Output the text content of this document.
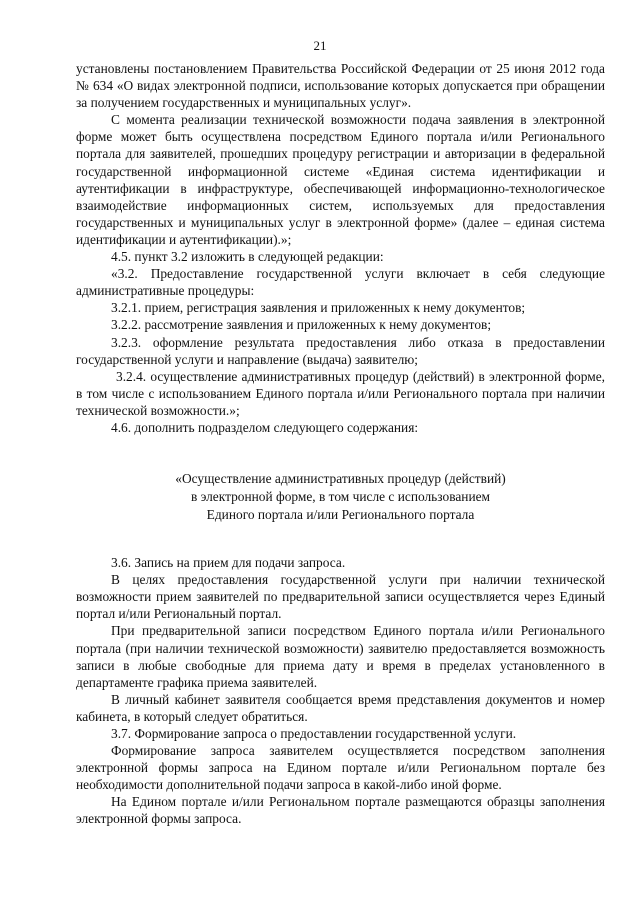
21

установлены постановлением Правительства Российской Федерации от 25 июня 2012 года № 634 «О видах электронной подписи, использование которых допускается при обращении за получением государственных и муниципальных услуг».

С момента реализации технической возможности подача заявления в электронной форме может быть осуществлена посредством Единого портала и/или Регионального портала для заявителей, прошедших процедуру регистрации и авторизации в федеральной государственной информационной системе «Единая система идентификации и аутентификации в инфраструктуре, обеспечивающей информационно-технологическое взаимодействие информационных систем, используемых для предоставления государственных и муниципальных услуг в электронной форме» (далее – единая система идентификации и аутентификации).»;

4.5. пункт 3.2 изложить в следующей редакции:

«3.2. Предоставление государственной услуги включает в себя следующие административные процедуры:

3.2.1. прием, регистрация заявления и приложенных к нему документов;

3.2.2. рассмотрение заявления и приложенных к нему документов;

3.2.3. оформление результата предоставления либо отказа в предоставлении государственной услуги и направление (выдача) заявителю;

3.2.4. осуществление административных процедур (действий) в электронной форме, в том числе с использованием Единого портала и/или Регионального портала при наличии технической возможности.»;

4.6. дополнить подразделом следующего содержания:

«Осуществление административных процедур (действий)
в электронной форме, в том числе с использованием
Единого портала и/или Регионального портала

3.6. Запись на прием для подачи запроса.

В целях предоставления государственной услуги при наличии технической возможности прием заявителей по предварительной записи осуществляется через Единый портал и/или Региональный портал.

При предварительной записи посредством Единого портала и/или Регионального портала (при наличии технической возможности) заявителю предоставляется возможность записи в любые свободные для приема дату и время в пределах установленного в департаменте графика приема заявителей.

В личный кабинет заявителя сообщается время представления документов и номер кабинета, в который следует обратиться.

3.7. Формирование запроса о предоставлении государственной услуги.

Формирование запроса заявителем осуществляется посредством заполнения электронной формы запроса на Едином портале и/или Региональном портале без необходимости дополнительной подачи запроса в какой-либо иной форме.

На Едином портале и/или Региональном портале размещаются образцы заполнения электронной формы запроса.
